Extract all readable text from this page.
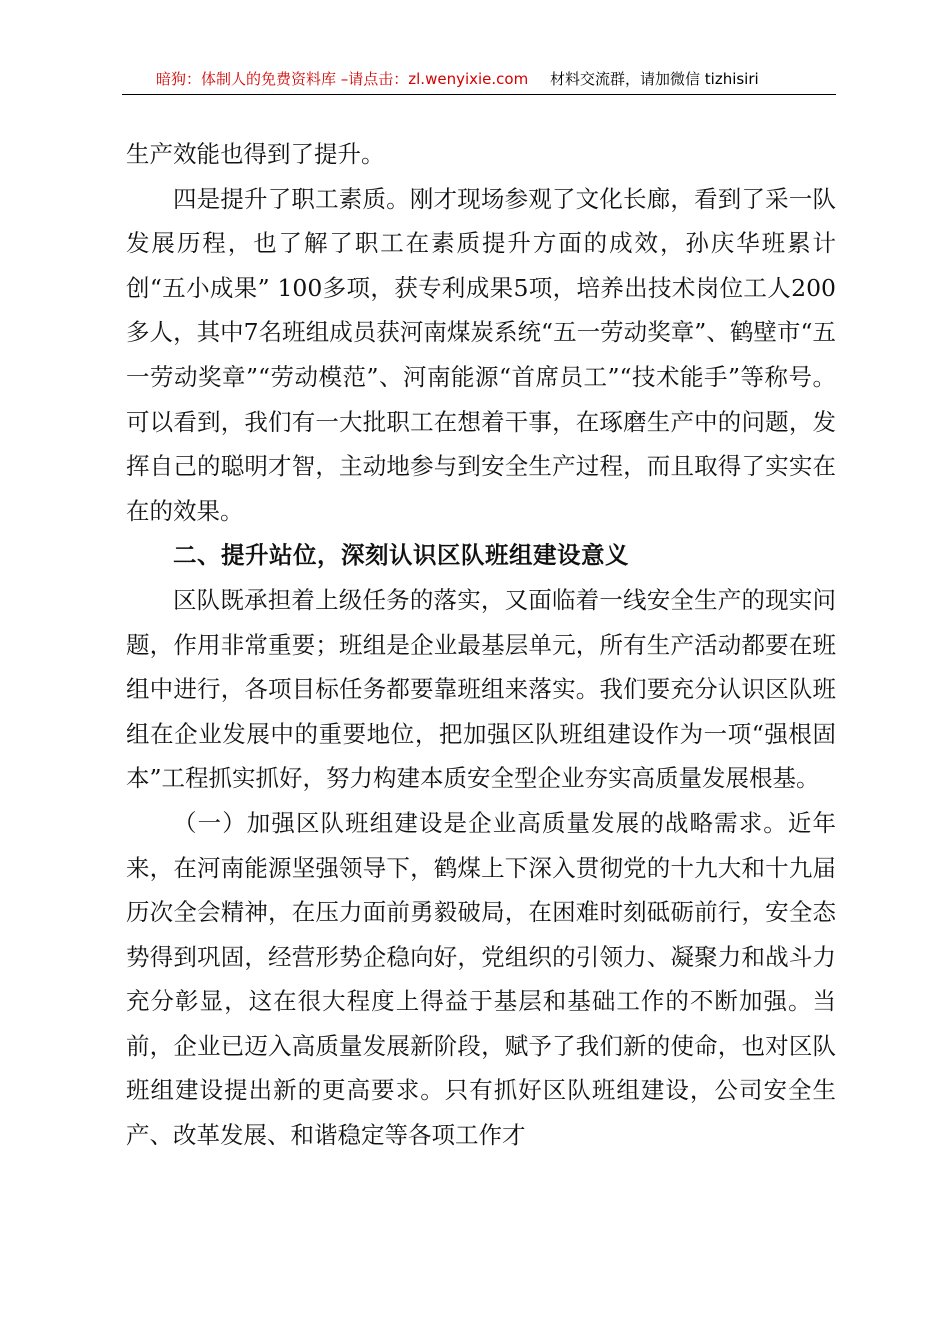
暗狗：体制人的免费资料库 –请点击：zl.wenyixie.com 材料交流群，请加微信 tizhisiri

生产效能也得到了提升。

四是提升了职工素质。刚才现场参观了文化长廊，看到了采一队发展历程，也了解了职工在素质提升方面的成效，孙庆华班累计创“五小成果” 100多项，获专利成果5项，培养出技术岗位工人200多人，其中7名班组成员获河南煤炭系统“五一劳动奖章”、鹤壁市“五一劳动奖章”“劳动模范”、河南能源“首席员工”“技术能手”等称号。可以看到，我们有一大批职工在想着干事，在琢磨生产中的问题，发挥自己的聪明才智，主动地参与到安全生产过程，而且取得了实实在在的效果。

二、提升站位，深刻认识区队班组建设意义

区队既承担着上级任务的落实，又面临着一线安全生产的现实问题，作用非常重要；班组是企业最基层单元，所有生产活动都要在班组中进行，各项目标任务都要靠班组来落实。我们要充分认识区队班组在企业发展中的重要地位，把加强区队班组建设作为一项“强根固本”工程抓实抓好，努力构建本质安全型企业夯实高质量发展根基。

（一）加强区队班组建设是企业高质量发展的战略需求。近年来，在河南能源坚强领导下，鹤煤上下深入贯彻党的十九大和十九届历次全会精神，在压力面前勇毅破局，在困难时刻砥砺前行，安全态势得到巩固，经营形势企稳向好，党组织的引领力、凝聚力和战斗力充分彰显，这在很大程度上得益于基层和基础工作的不断加强。当前，企业已迈入高质量发展新阶段，赋予了我们新的使命，也对区队班组建设提出新的更高要求。只有抓好区队班组建设，公司安全生产、改革发展、和谐稳定等各项工作才
